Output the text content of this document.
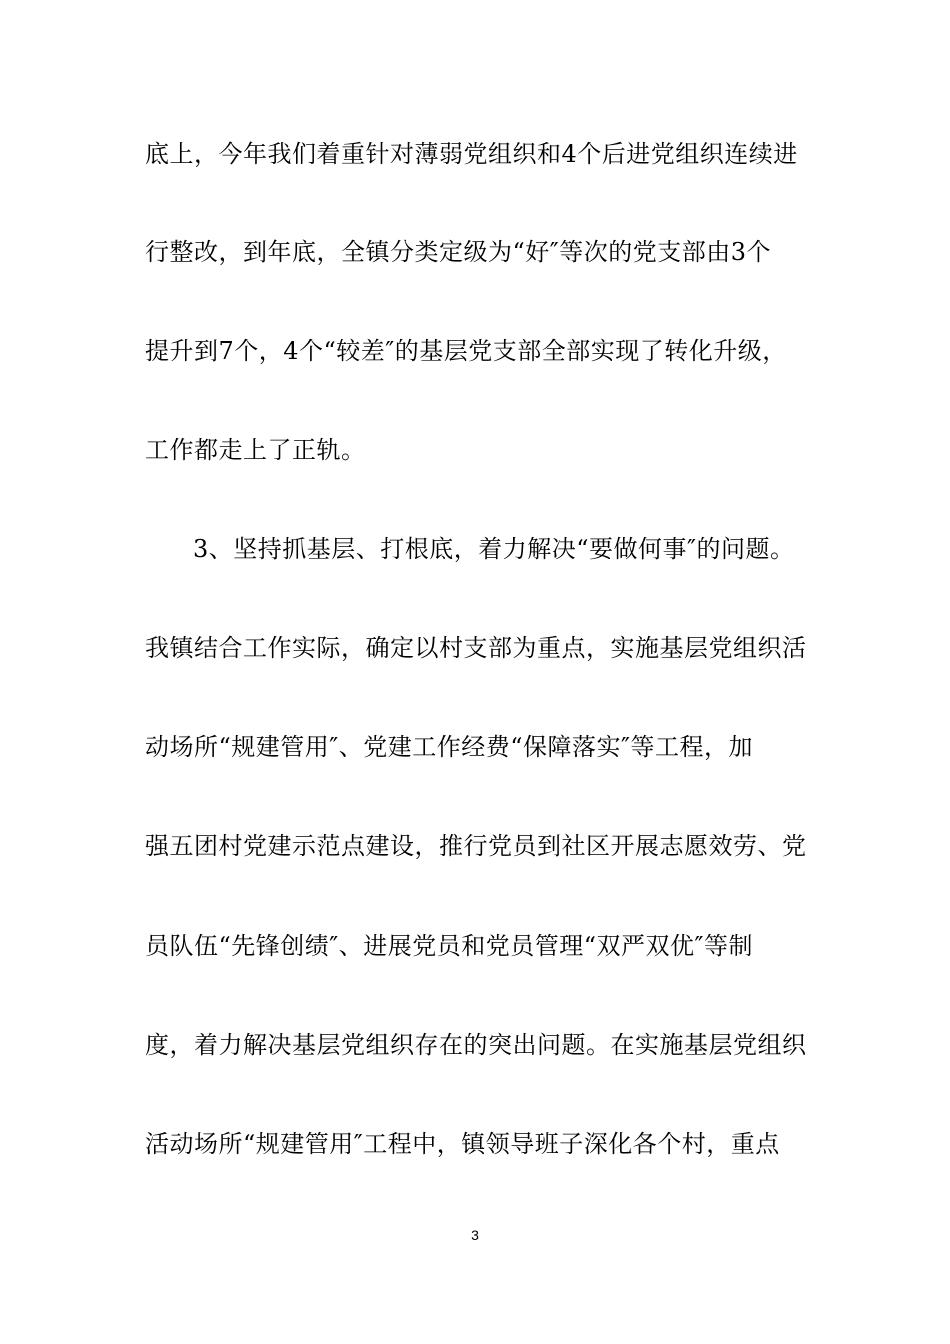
底上，今年我们着重针对薄弱党组织和4个后进党组织连续进
行整改，到年底，全镇分类定级为“好″等次的党支部由3个
提升到7个，4个“较差″的基层党支部全部实现了转化升级，
工作都走上了正轨。
3、坚持抓基层、打根底，着力解决“要做何事″的问题。
我镇结合工作实际，确定以村支部为重点，实施基层党组织活
动场所“规建管用″、党建工作经费“保障落实″等工程，加
强五团村党建示范点建设，推行党员到社区开展志愿效劳、党
员队伍“先锋创绩″、进展党员和党员管理“双严双优″等制
度，着力解决基层党组织存在的突出问题。在实施基层党组织
活动场所“规建管用″工程中，镇领导班子深化各个村，重点
3
